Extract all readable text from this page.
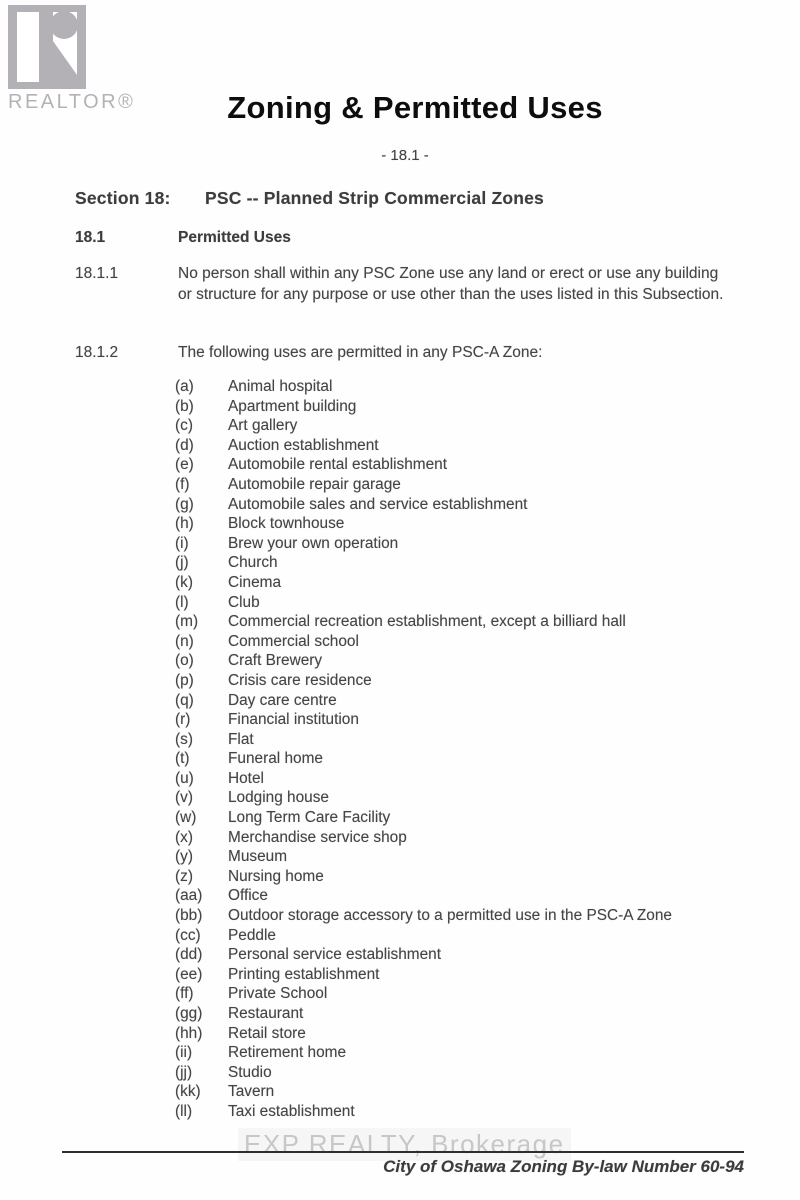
REALTOR®	Zoning & Permitted Uses
- 18.1 -
Section 18:	PSC -- Planned Strip Commercial Zones
18.1	Permitted Uses
18.1.1	No person shall within any PSC Zone use any land or erect or use any building or structure for any purpose or use other than the uses listed in this Subsection.
18.1.2	The following uses are permitted in any PSC-A Zone:
(a)	Animal hospital
(b)	Apartment building
(c)	Art gallery
(d)	Auction establishment
(e)	Automobile rental establishment
(f)	Automobile repair garage
(g)	Automobile sales and service establishment
(h)	Block townhouse
(i)	Brew your own operation
(j)	Church
(k)	Cinema
(l)	Club
(m)	Commercial recreation establishment, except a billiard hall
(n)	Commercial school
(o)	Craft Brewery
(p)	Crisis care residence
(q)	Day care centre
(r)	Financial institution
(s)	Flat
(t)	Funeral home
(u)	Hotel
(v)	Lodging house
(w)	Long Term Care Facility
(x)	Merchandise service shop
(y)	Museum
(z)	Nursing home
(aa)	Office
(bb)	Outdoor storage accessory to a permitted use in the PSC-A Zone
(cc)	Peddle
(dd)	Personal service establishment
(ee)	Printing establishment
(ff)	Private School
(gg)	Restaurant
(hh)	Retail store
(ii)	Retirement home
(jj)	Studio
(kk)	Tavern
(ll)	Taxi establishment
EXP REALTY, Brokerage
City of Oshawa Zoning By-law Number 60-94
